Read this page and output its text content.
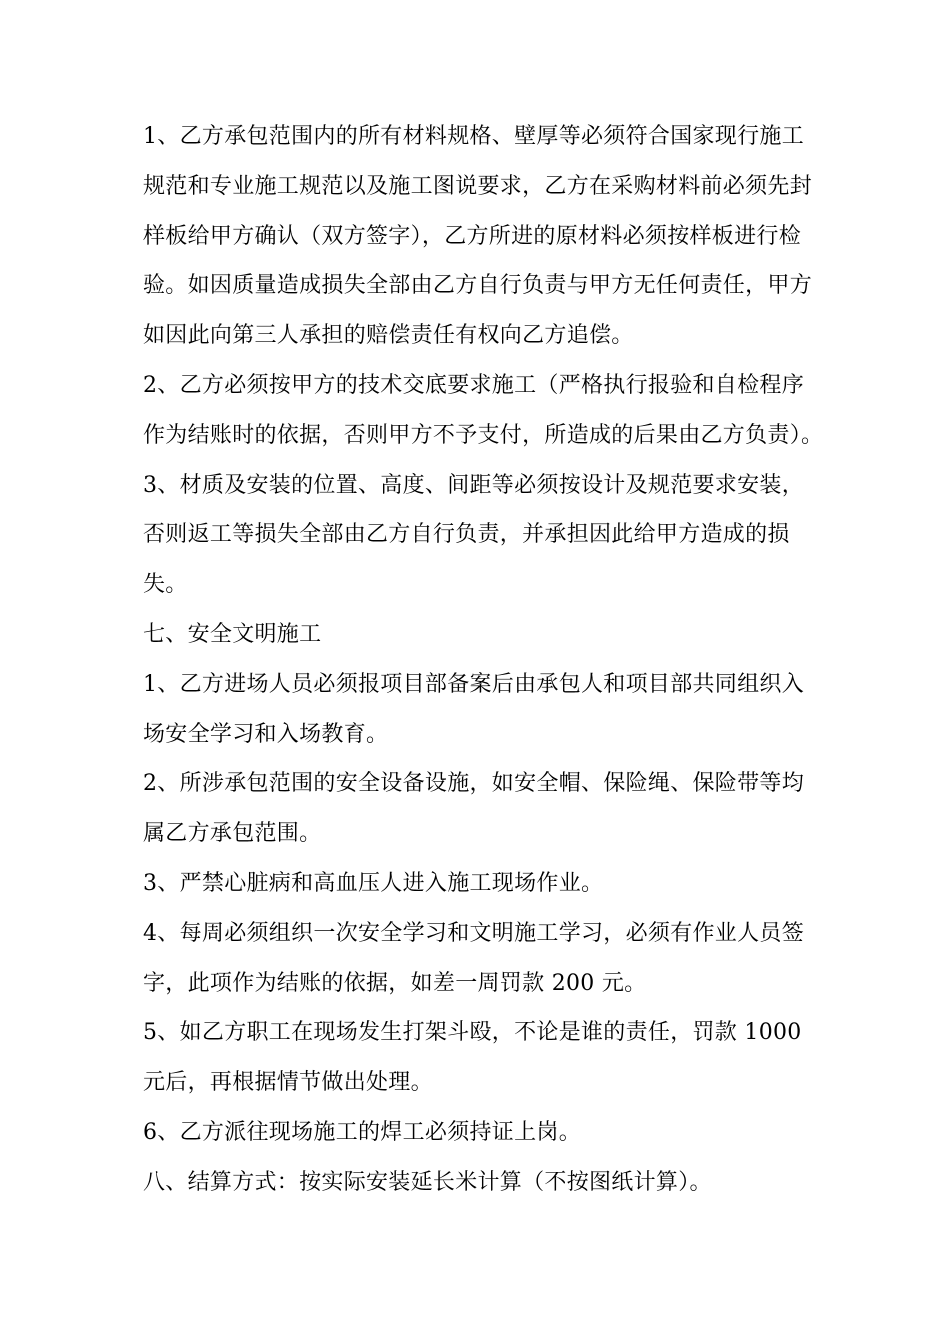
1、乙方承包范围内的所有材料规格、壁厚等必须符合国家现行施工
规范和专业施工规范以及施工图说要求，乙方在采购材料前必须先封
样板给甲方确认（双方签字），乙方所进的原材料必须按样板进行检
验。如因质量造成损失全部由乙方自行负责与甲方无任何责任，甲方
如因此向第三人承担的赔偿责任有权向乙方追偿。
2、乙方必须按甲方的技术交底要求施工（严格执行报验和自检程序
作为结账时的依据，否则甲方不予支付，所造成的后果由乙方负责）。
3、材质及安装的位置、高度、间距等必须按设计及规范要求安装，
否则返工等损失全部由乙方自行负责，并承担因此给甲方造成的损
失。
七、安全文明施工
1、乙方进场人员必须报项目部备案后由承包人和项目部共同组织入
场安全学习和入场教育。
2、所涉承包范围的安全设备设施，如安全帽、保险绳、保险带等均
属乙方承包范围。
3、严禁心脏病和高血压人进入施工现场作业。
4、每周必须组织一次安全学习和文明施工学习，必须有作业人员签
字，此项作为结账的依据，如差一周罚款 200 元。
5、如乙方职工在现场发生打架斗殴，不论是谁的责任，罚款 1000
元后，再根据情节做出处理。
6、乙方派往现场施工的焊工必须持证上岗。
八、结算方式：按实际安装延长米计算（不按图纸计算）。
